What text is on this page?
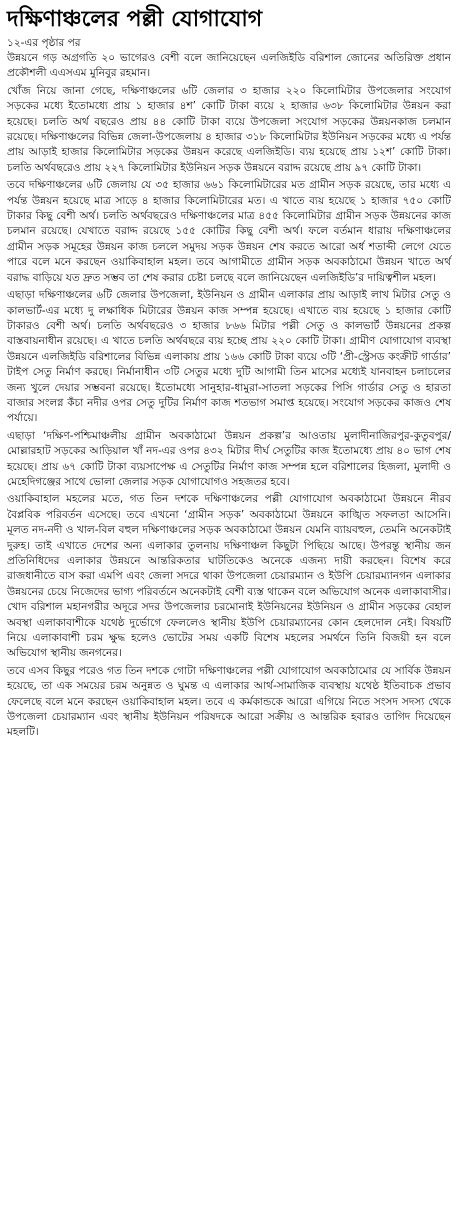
দক্ষিণাঞ্চলের পল্লী যোগাযোগ
১২-এর পৃষ্ঠার পর

উন্নয়নে গড় অগ্রগতি ২০ ভাগেরও বেশী বলে জানিয়েছেন এলজিইডি বরিশাল জোনের অতিরিক্ত প্রধান প্রকৌশলী এএসএম মুনিবুর রহমান।

খোঁজ নিয়ে জানা গেছে, দক্ষিণাঞ্চলের ৬টি জেলার ৩ হাজার ২২০ কিলোমিটার উপজেলার সংযোগ সড়কের মধ্যে ইতোমধ্যে প্রায় ১ হাজার ৪শ’ কোটি টাকা ব্যয়ে ২ হাজার ৬৩৮ কিলোমিটার উন্নয়ন করা হয়েছে। চলতি অর্থ বছরেও প্রায় ৪৪ কোটি টাকা ব্যয়ে উপজেলা সংযোগ সড়কের উন্নয়নকাজ চলমান রয়েছে। দক্ষিণাঞ্চলের বিভিন্ন জেলা-উপজেলায় ৪ হাজার ৩১৮ কিলোমিটার ইউনিয়ন সড়কের মধ্যে এ পর্যন্ত প্রায় আড়াই হাজার কিলোমিটার সড়কের উন্নয়ন করেছে এলজিইডি। ব্যয় হয়েছে প্রায় ১২শ’ কোটি টাকা। চলতি অর্থবছরেও প্রায় ২২৭ কিলোমিটার ইউনিয়ন সড়ক উন্নয়নে বরাদ্দ রয়েছে প্রায় ৯৭ কোটি টাকা।

তবে দক্ষিণাঞ্চলের ৬টি জেলায় যে ৩৫ হাজার ৬৬১ কিলোমিটারের মত গ্রামীন সড়ক রয়েছে, তার মধ্যে এ পর্যন্ত উন্নয়ন হয়েছে মাত্র সাড়ে ৪ হাজার কিলোমিটারের মত। এ খাতে ব্যয় হয়েছে ১ হাজার ৭৫০ কোটি টাকার কিছু বেশী অর্থ। চলতি অর্থবছরেও দক্ষিণাঞ্চলের মাত্র ৪৫৫ কিলোমিটার গ্রামীন সড়ক উন্নয়নের কাজ চলমান রয়েছে। যেখাতে বরাদ্দ রয়েছে ১৫৫ কোটির কিছু বেশী অর্থ। ফলে বর্তমান ধারায় দক্ষিণাঞ্চলের গ্রামীন সড়ক সমূহের উন্নয়ন কাজ চললে সমুদয় সড়ক উন্নয়ন শেষ করতে আরো অর্ধ শতাব্দী লেগে যেতে পারে বলে মনে করছেন ওয়াকিবাহাল মহল। তবে আগামীতে গ্রামীন সড়ক অবকাঠামো উন্নয়ন খাতে অর্থ বরাদ্ধ বাড়িয়ে যত দ্রুত সম্ভব তা শেষ করার চেষ্টা চলছে বলে জানিয়েছেন এলজিইডি’র দায়িত্বশীল মহল।

এছাড়া দক্ষিণাঞ্চলের ৬টি জেলার উপজেলা, ইউনিয়ন ও গ্রামীন এলাকার প্রায় আড়াই লাখ মিটার সেতু ও কালভার্ট-এর মধ্যে দু লক্ষাধিক মিটারের উন্নয়ন কাজ সম্পন্ন হয়েছে। এখাতে ব্যয় হয়েছে ১ হাজার কোটি টাকারও বেশী অর্থ। চলতি অর্থবছরেও ৩ হাজার ৮৬৬ মিটার পল্লী সেতু ও কালভার্ট উন্নয়নের প্রকল্প বাস্তবায়নাধীন রয়েছে। এ খাতে চলতি অর্থবছরে ব্যয় হচ্ছে প্রায় ২২০ কোটি টাকা। গ্রামীণ যোগাযোগ ব্যবস্থা উন্নয়নে এলজিইডি বরিশালের বিভিন্ন এলাকায় প্রায় ১৬৬ কোটি টাকা ব্যয়ে ৩টি ‘প্রী-স্ট্রেসড কংক্রীট গার্ডার’ টাইপ সেতু নির্মাণ করছে। নির্মানাধীন ৩টি সেতুর মধ্যে দুটি আগামী তিন মাসের মধ্যেই যানবাহন চলাচলের জন্য খুলে দেয়ার সম্ভবনা রয়েছে। ইতোমধ্যে সানুহার-ধামুরা-সাতলা সড়কের পিসি গার্ডার সেতু ও হারতা বাজার সংলগ্ন কঁচা নদীর ওপর সেতু দুটির নির্মাণ কাজ শতভাগ সমাপ্ত হয়েছে। সংযোগ সড়কের কাজও শেষ পর্যায়ে।

এছাড়া ‘দক্ষিণ-পশ্চিমাঞ্চলীয় গ্রামীন অবকাঠামো উন্নয়ন প্রকল্প’র আওতায় মুলাদীনাজিরপুর-কুতুবপুর/মোল্লারহাট সড়কের আড়িয়াল খাঁ নদ-এর ওপর ৪৩২ মিটার দীর্ঘ সেতুটির কাজ ইতোমধ্যে প্রায় ৪০ ভাগ শেষ হয়েছে। প্রায় ৬৭ কোটি টাকা ব্যয়সাপেক্ষ এ সেতুটির নির্মাণ কাজ সম্পন্ন হলে বরিশালের হিজলা, মুলাদী ও মেহেদিগঞ্জের সাথে ভোলা জেলার সড়ক যোগাযোগও সহজতর হবে।

ওয়াকিবাহাল মহলের মতে, গত তিন দশকে দক্ষিণাঞ্চলের পল্লী যোগাযোগ অবকাঠামো উন্নয়নে নীরব বৈপ্লবিক পরিবর্তন এসেছে। তবে এখনো ‘গ্রামীন সড়ক’ অবকাঠামো উন্নয়নে কাঙ্খিত সফলতা আসেনি। মূলত নদ-নদী ও খাল-বিল বহুল দক্ষিণাঞ্চলের সড়ক অবকাঠামো উন্নয়ন যেমনি ব্যায়বহুল, তেমনি অনেকটাই দুরুহ। তাই এখাতে দেশের অন্য এলাকার তুলনায় দক্ষিণাঞ্চল কিছুটা পিছিয়ে আছে। উপরন্তু স্থানীয় জন প্রতিনিধিদের এলাকার উন্নয়নে আন্তরিকতার ঘাটতিকেও অনেকে এজন্য দায়ী করছেন। বিশেষ করে রাজধানীতে বাস করা এমপি এবং জেলা সদরে থাকা উপজেলা চেয়ারম্যান ও ইউপি চেয়ারম্যানগন এলাকার উন্নয়নের চেয়ে নিজেদের ভাগ্য পরিবর্তনে অনেকটাই বেশী ব্যস্ত থাকেন বলে অভিযোগ অনেক এলাকাবাসীর। খোদ বরিশাল মহানগরীর অদূরে সদর উপজেলার চরমোনাই ইউনিয়নের ইউনিয়ন ও গ্রামীন সড়কের বেহাল অবস্থা এলাকাবাশীকে যথেষ্ঠ দুর্ভোগে ফেললেও স্থানীয় ইউপি চেয়ারম্যানের কোন হেলদোল নেই। বিষয়টি নিয়ে এলাকাবাশী চরম ক্ষুদ্ধ হলেও ভোটের সময় একটি বিশেষ মহলের সমর্থনে তিনি বিজয়ী হন বলে অভিযোগ স্থানীয় জনগনের।

তবে এসব কিছুর পরেও গত তিন দশকে গোটা দক্ষিণাঞ্চলের পল্লী যোগাযোগ অবকাঠামোর যে সার্বিক উন্নয়ন হয়েছে, তা এক সময়ের চরম অনুন্নত ও ঘুমন্ত এ এলাকার আর্থ-সামাজিক ব্যবস্থায় যথেষ্ঠ ইতিবাচক প্রভাব ফেলেছে বলে মনে করছেন ওয়াকিবাহাল মহল। তবে এ কর্মকান্ডকে আরো এগিয়ে নিতে সংসদ সদস্য থেকে উপজেলা চেয়ারম্যান এবং স্থানীয় ইউনিয়ন পরিষদকে আরো সক্রীয় ও আন্তরিক হবারও তাগিদ দিয়েছেন মহলটি।
